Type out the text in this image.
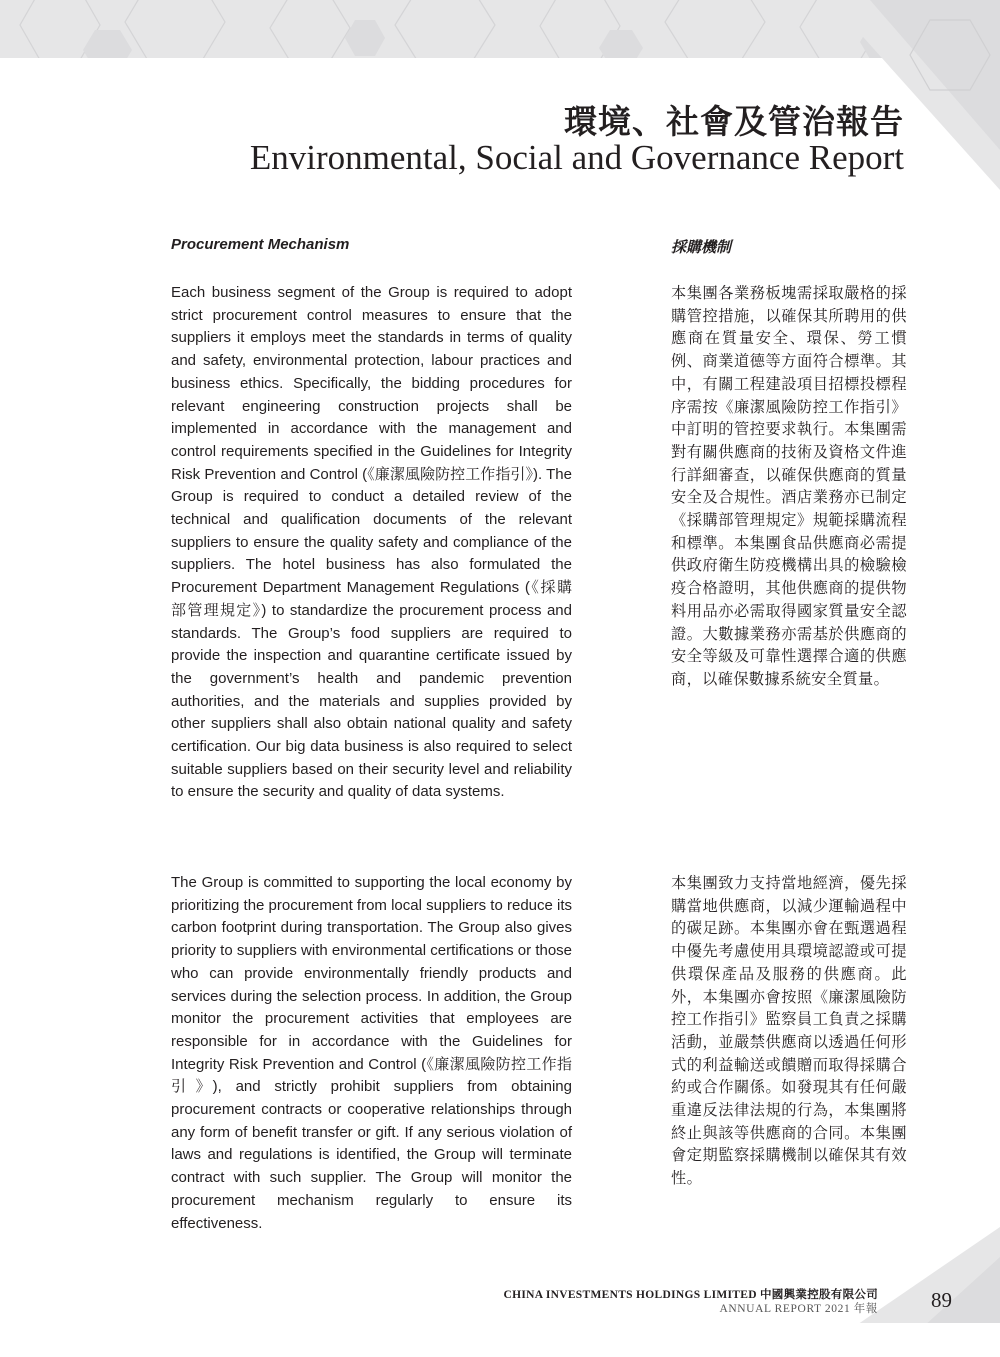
環境、社會及管治報告
Environmental, Social and Governance Report
Procurement Mechanism	採購機制

Each business segment of the Group is required to adopt strict procurement control measures to ensure that the suppliers it employs meet the standards in terms of quality and safety, environmental protection, labour practices and business ethics. Specifically, the bidding procedures for relevant engineering construction projects shall be implemented in accordance with the management and control requirements specified in the Guidelines for Integrity Risk Prevention and Control (《廉潔風險防控工作指引》). The Group is required to conduct a detailed review of the technical and qualification documents of the relevant suppliers to ensure the quality safety and compliance of the suppliers. The hotel business has also formulated the Procurement Department Management Regulations (《採購部管理規定》) to standardize the procurement process and standards. The Group’s food suppliers are required to provide the inspection and quarantine certificate issued by the government’s health and pandemic prevention authorities, and the materials and supplies provided by other suppliers shall also obtain national quality and safety certification. Our big data business is also required to select suitable suppliers based on their security level and reliability to ensure the security and quality of data systems.

The Group is committed to supporting the local economy by prioritizing the procurement from local suppliers to reduce its carbon footprint during transportation. The Group also gives priority to suppliers with environmental certifications or those who can provide environmentally friendly products and services during the selection process. In addition, the Group monitor the procurement activities that employees are responsible for in accordance with the Guidelines for Integrity Risk Prevention and Control (《廉潔風險防控工作指引》), and strictly prohibit suppliers from obtaining procurement contracts or cooperative relationships through any form of benefit transfer or gift. If any serious violation of laws and regulations is identified, the Group will terminate contract with such supplier. The Group will monitor the procurement mechanism regularly to ensure its effectiveness.

本集團各業務板塊需採取嚴格的採購管控措施，以確保其所聘用的供應商在質量安全、環保、勞工慣例、商業道德等方面符合標準。其中，有關工程建設項目招標投標程序需按《廉潔風險防控工作指引》中訂明的管控要求執行。本集團需對有關供應商的技術及資格文件進行詳細審查，以確保供應商的質量安全及合規性。酒店業務亦已制定《採購部管理規定》規範採購流程和標準。本集團食品供應商必需提供政府衛生防疫機構出具的檢驗檢疫合格證明，其他供應商的提供物料用品亦必需取得國家質量安全認證。大數據業務亦需基於供應商的安全等級及可靠性選擇合適的供應商，以確保數據系統安全質量。

本集團致力支持當地經濟，優先採購當地供應商，以減少運輸過程中的碳足跡。本集團亦會在甄選過程中優先考慮使用具環境認證或可提供環保產品及服務的供應商。此外，本集團亦會按照《廉潔風險防控工作指引》監察員工負責之採購活動，並嚴禁供應商以透過任何形式的利益輸送或饋贈而取得採購合約或合作關係。如發現其有任何嚴重違反法律法規的行為，本集團將終止與該等供應商的合同。本集團會定期監察採購機制以確保其有效性。

CHINA INVESTMENTS HOLDINGS LIMITED 中國興業控股有限公司
ANNUAL REPORT 2021 年報	89
